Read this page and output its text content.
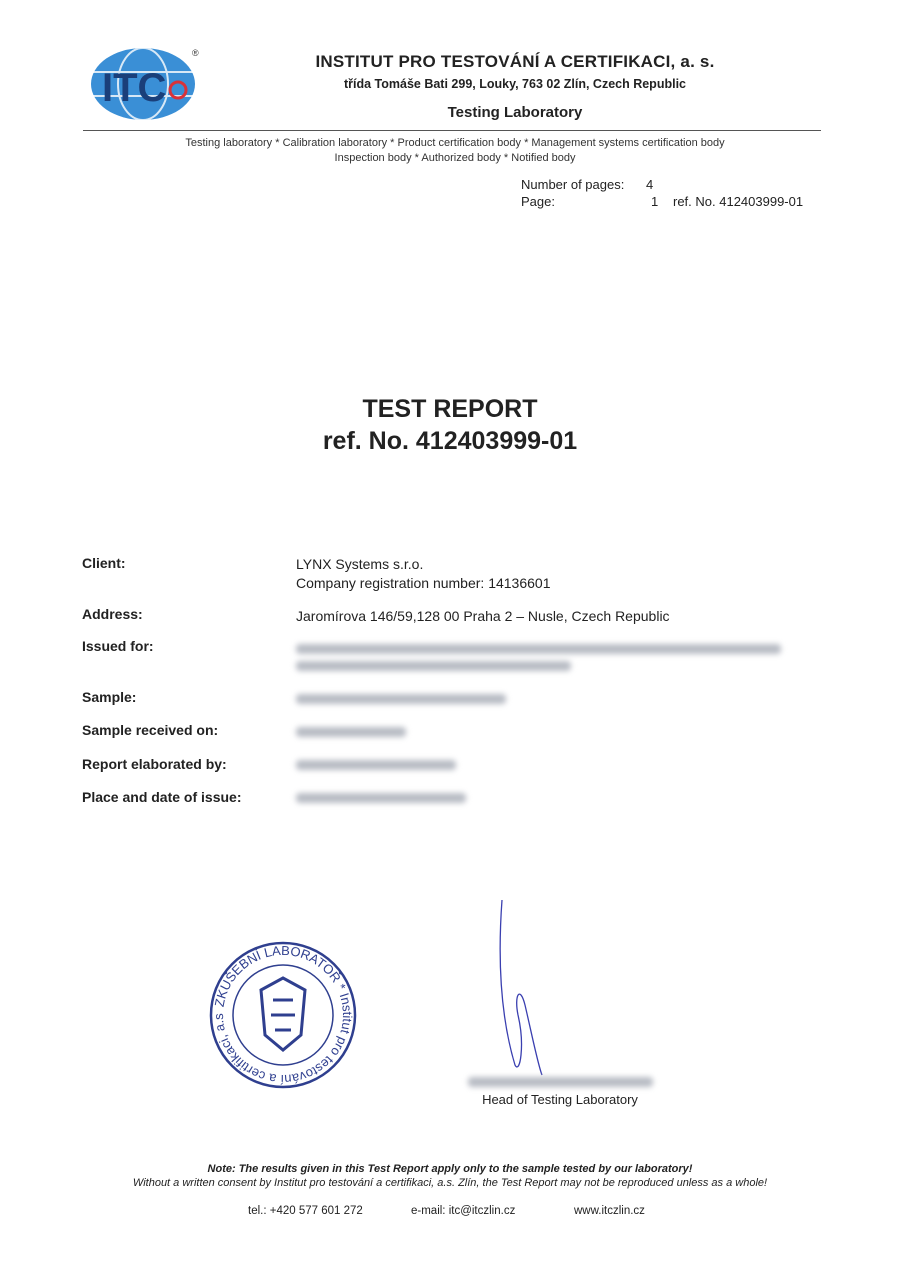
ITC
®	INSTITUT PRO TESTOVÁNÍ A CERTIFIKACI, a. s.
třída Tomáše Bati 299, Louky, 763 02 Zlín, Czech Republic
Testing Laboratory
Testing laboratory * Calibration laboratory * Product certification body * Management systems certification body
Inspection body * Authorized body * Notified body
Number of pages: 4
Page:	1 ref. No. 412403999-01
TEST REPORT
ref. No. 412403999-01
Client:	LYNX Systems s.r.o.
Company registration number: 14136601
Address:	Jaromírova 146/59,128 00 Praha 2 – Nusle, Czech Republic
Issued for:
Sample:
Sample received on:
Report elaborated by:
Place and date of issue:
ZKUŠEBNÍ LABORATOŘ * Institut pro testování a certifikaci, a.s
Head of Testing Laboratory
Note: The results given in this Test Report apply only to the sample tested by our laboratory!
Without a written consent by Institut pro testování a certifikaci, a.s. Zlín, the Test Report may not be reproduced unless as a whole!
tel.: +420 577 601 272	e-mail: itc@itczlin.cz	www.itczlin.cz
